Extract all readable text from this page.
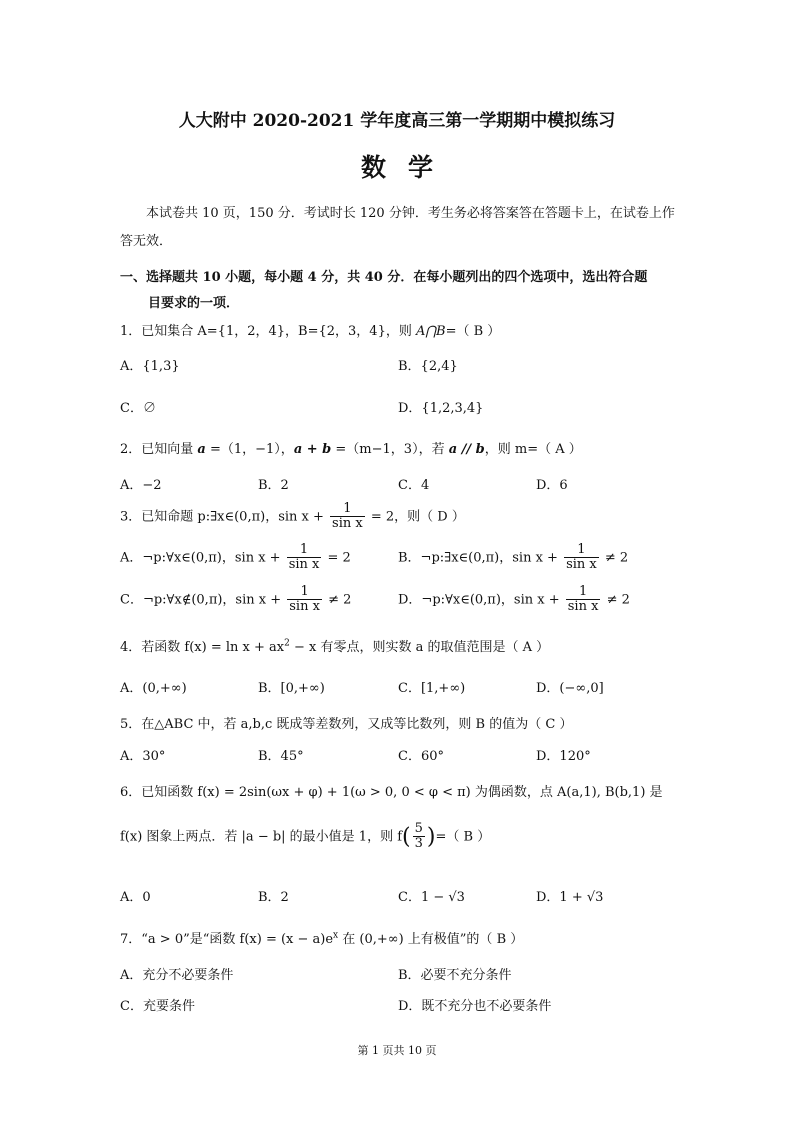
人大附中 2020-2021 学年度高三第一学期期中模拟练习
数学
本试卷共 10 页，150 分．考试时长 120 分钟．考生务必将答案答在答题卡上，在试卷上作答无效．
一、选择题共 10 小题，每小题 4 分，共 40 分．在每小题列出的四个选项中，选出符合题
目要求的一项．
1．已知集合 A={1，2，4}，B={2，3，4}，则 A⋂B=（ B ）
A．{1,3}	B．{2,4}
C．∅	D．{1,2,3,4}
2．已知向量 a =（1，−1），a + b =（m−1，3），若 a // b，则 m=（ A ）
A．−2	B．2	C．4	D．6
3．已知命题 p:∃x∈(0,π)，$\sin x + \frac{1}{\text{sin x}} = 2$，则（ D ）
A．¬p:∀x∈(0,π)，$\sin x + \frac{1}{\text{sin x}} = 2$	B．¬p:∃x∈(0,π)，$\sin x + \frac{1}{\text{sin x}} \ne 2$
C．¬p:∀x∉(0,π)，$\sin x + \frac{1}{\text{sin x}} \ne 2$	D．¬p:∀x∈(0,π)，$\sin x + \frac{1}{\text{sin x}} \ne 2$
4．若函数 $f(x) = \ln x + ax^2 - x$ 有零点，则实数 a 的取值范围是（ A ）
A．(0,+∞)	B．[0,+∞)	C．[1,+∞)	D．(−∞,0]
5．在△ABC 中，若 a,b,c 既成等差数列，又成等比数列，则 B 的值为（ C ）
A．30°	B．45°	C．60°	D．120°
6．已知函数 f(x) = 2sin(ωx + φ) + 1(ω > 0, 0 < φ < π) 为偶函数，点 A(a,1), B(b,1) 是
f(x) 图象上两点．若 |a − b| 的最小值是 1，则 $f( \frac{5}{3}$ )=（ B ）
A．0	B．2	C．1 − √3	D．1 + √3
7．“a > 0”是“函数 $f(x) = (x - a)e^x$ 在 (0,+∞) 上有极值”的（ B ）
A．充分不必要条件	B．必要不充分条件
C．充要条件	D．既不充分也不必要条件
第 1 页共 10 页
